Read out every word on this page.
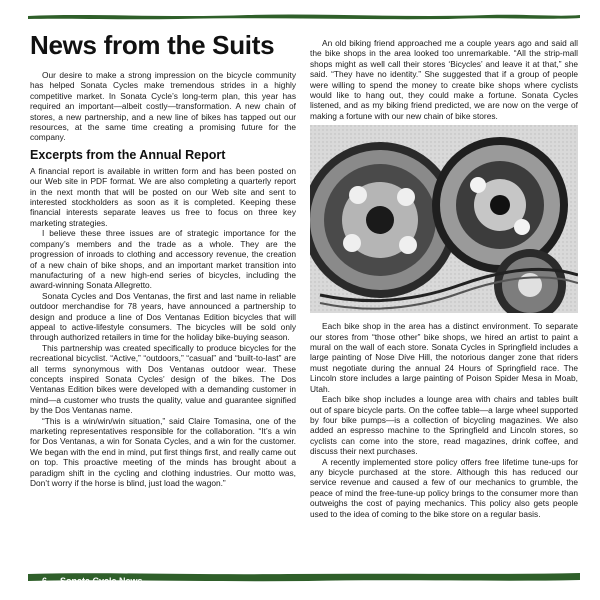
News from the Suits

Our desire to make a strong impression on the bicycle community has helped Sonata Cycles make tremendous strides in a highly competitive market. In Sonata Cycle’s long-term plan, this year has required an important—albeit costly—transformation. A new chain of stores, a new partnership, and a new line of bikes has tapped out our resources, at the same time creating a promising future for the company.

Excerpts from the Annual Report

A financial report is available in written form and has been posted on our Web site in PDF format. We are also completing a quarterly report in the next month that will be posted on our Web site and sent to interested stockholders as soon as it is completed. Keeping these financial interests separate leaves us free to focus on three key marketing strategies.

I believe these three issues are of strategic importance for the company’s members and the trade as a whole. They are the progression of inroads to clothing and accessory revenue, the creation of a new chain of bike shops, and an important market transition into manufacturing of a new high-end series of bicycles, including the award-winning Sonata Allegretto.

Sonata Cycles and Dos Ventanas, the first and last name in reliable outdoor merchandise for 78 years, have announced a partnership to design and produce a line of Dos Ventanas Edition bicycles that will appeal to active-lifestyle consumers. The bicycles will be sold only through authorized retailers in time for the holiday bike-buying season.

This partnership was created specifically to produce bicycles for the recreational bicyclist. “Active,” “outdoors,” “casual” and “built-to-last” are all terms synonymous with Dos Ventanas outdoor wear. These concepts inspired Sonata Cycles’ design of the bikes. The Dos Ventanas Edition bikes were developed with a demanding customer in mind—a customer who trusts the quality, value and guarantee signified by the Dos Ventanas name.

“This is a win/win/win situation,” said Claire Tomasina, one of the marketing representatives responsible for the collaboration. “It’s a win for Dos Ventanas, a win for Sonata Cycles, and a win for the customer. We began with the end in mind, put first things first, and really came out on top. This proactive meeting of the minds has brought about a paradigm shift in the cycling and clothing industries. Our motto was, Don’t worry if the horse is blind, just load the wagon.”

An old biking friend approached me a couple years ago and said all the bike shops in the area looked too unremarkable. “All the strip-mall shops might as well call their stores ‘Bicycles’ and leave it at that,” she said. “They have no identity.” She suggested that if a group of people were willing to spend the money to create bike shops where cyclists would like to hang out, they could make a fortune. Sonata Cycles listened, and as my biking friend predicted, we are now on the verge of making a fortune with our new chain of bike stores.

Each bike shop in the area has a distinct environment. To separate our stores from “those other” bike shops, we hired an artist to paint a mural on the wall of each store. Sonata Cycles in Springfield includes a large painting of Nose Dive Hill, the notorious danger zone that riders must negotiate during the annual 24 Hours of Springfield race. The Lincoln store includes a large painting of Poison Spider Mesa in Moab, Utah.

Each bike shop includes a lounge area with chairs and tables built out of spare bicycle parts. On the coffee table—a large wheel supported by four bike pumps—is a collection of bicycling magazines. We also added an espresso machine to the Springfield and Lincoln stores, so cyclists can come into the store, read magazines, drink coffee, and discuss their next purchases.

A recently implemented store policy offers free lifetime tune-ups for any bicycle purchased at the store. Although this has reduced our service revenue and caused a few of our mechanics to grumble, the peace of mind the free-tune-up policy brings to the consumer more than outweighs the cost of paying mechanics. This policy also gets people used to the idea of coming to the bike store on a regular basis.

6 Sonata Cycle News
